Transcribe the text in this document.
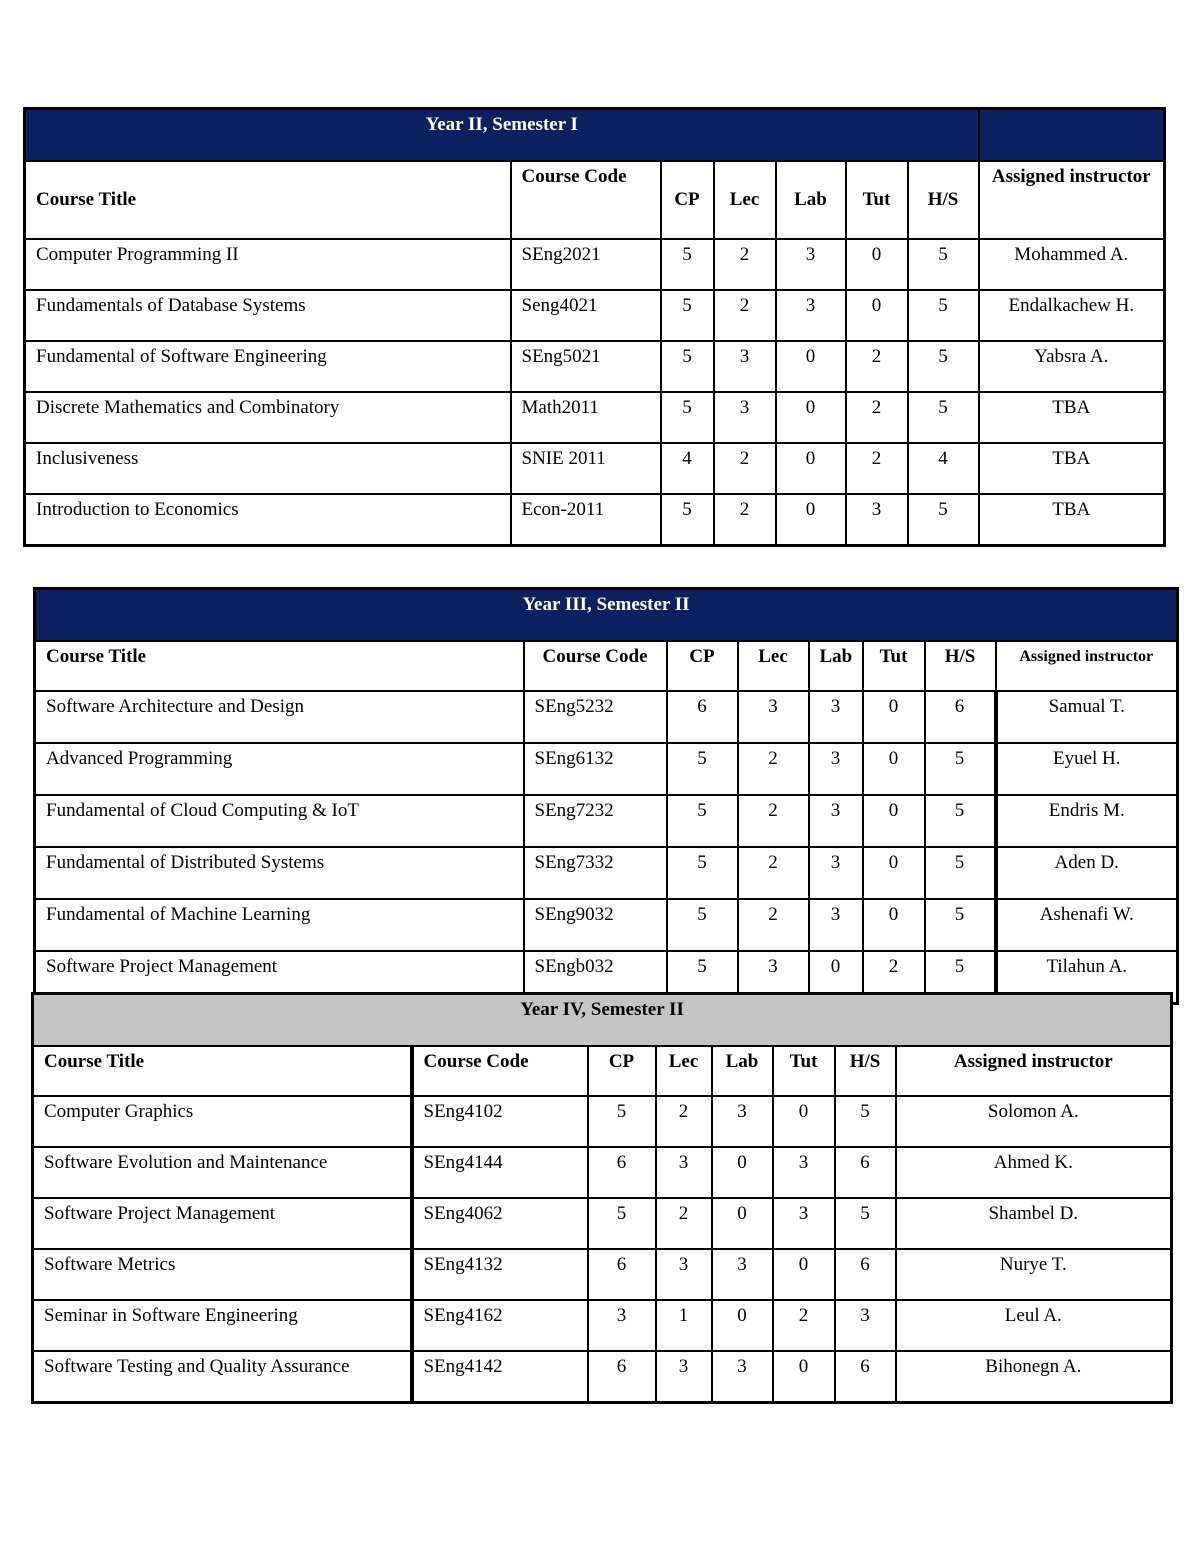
Year II, Semester I							
Course Title	Course Code	CP	Lec	Lab	Tut	H/S	Assigned instructor
Computer Programming II	SEng2021	5	2	3	0	5	Mohammed A.
Fundamentals of Database Systems	Seng4021	5	2	3	0	5	Endalkachew H.
Fundamental of Software Engineering	SEng5021	5	3	0	2	5	Yabsra A.
Discrete Mathematics and Combinatory	Math2011	5	3	0	2	5	TBA
Inclusiveness	SNIE 2011	4	2	0	2	4	TBA
Introduction to Economics	Econ-2011	5	2	0	3	5	TBA
Year III, Semester II							
Course Title	Course Code	CP	Lec	Lab	Tut	H/S	Assigned instructor
Software Architecture and Design	SEng5232	6	3	3	0	6	Samual T.
Advanced Programming	SEng6132	5	2	3	0	5	Eyuel H.
Fundamental of Cloud Computing & IoT	SEng7232	5	2	3	0	5	Endris M.
Fundamental of Distributed Systems	SEng7332	5	2	3	0	5	Aden D.
Fundamental of Machine Learning	SEng9032	5	2	3	0	5	Ashenafi W.
Software Project Management	SEngb032	5	3	0	2	5	Tilahun A.
Year IV, Semester II							
Course Title	Course Code	CP	Lec	Lab	Tut	H/S	Assigned instructor
Computer Graphics	SEng4102	5	2	3	0	5	Solomon A.
Software Evolution and Maintenance	SEng4144	6	3	0	3	6	Ahmed K.
Software Project Management	SEng4062	5	2	0	3	5	Shambel D.
Software Metrics	SEng4132	6	3	3	0	6	Nurye T.
Seminar in Software Engineering	SEng4162	3	1	0	2	3	Leul A.
Software Testing and Quality Assurance	SEng4142	6	3	3	0	6	Bihonegn A.
